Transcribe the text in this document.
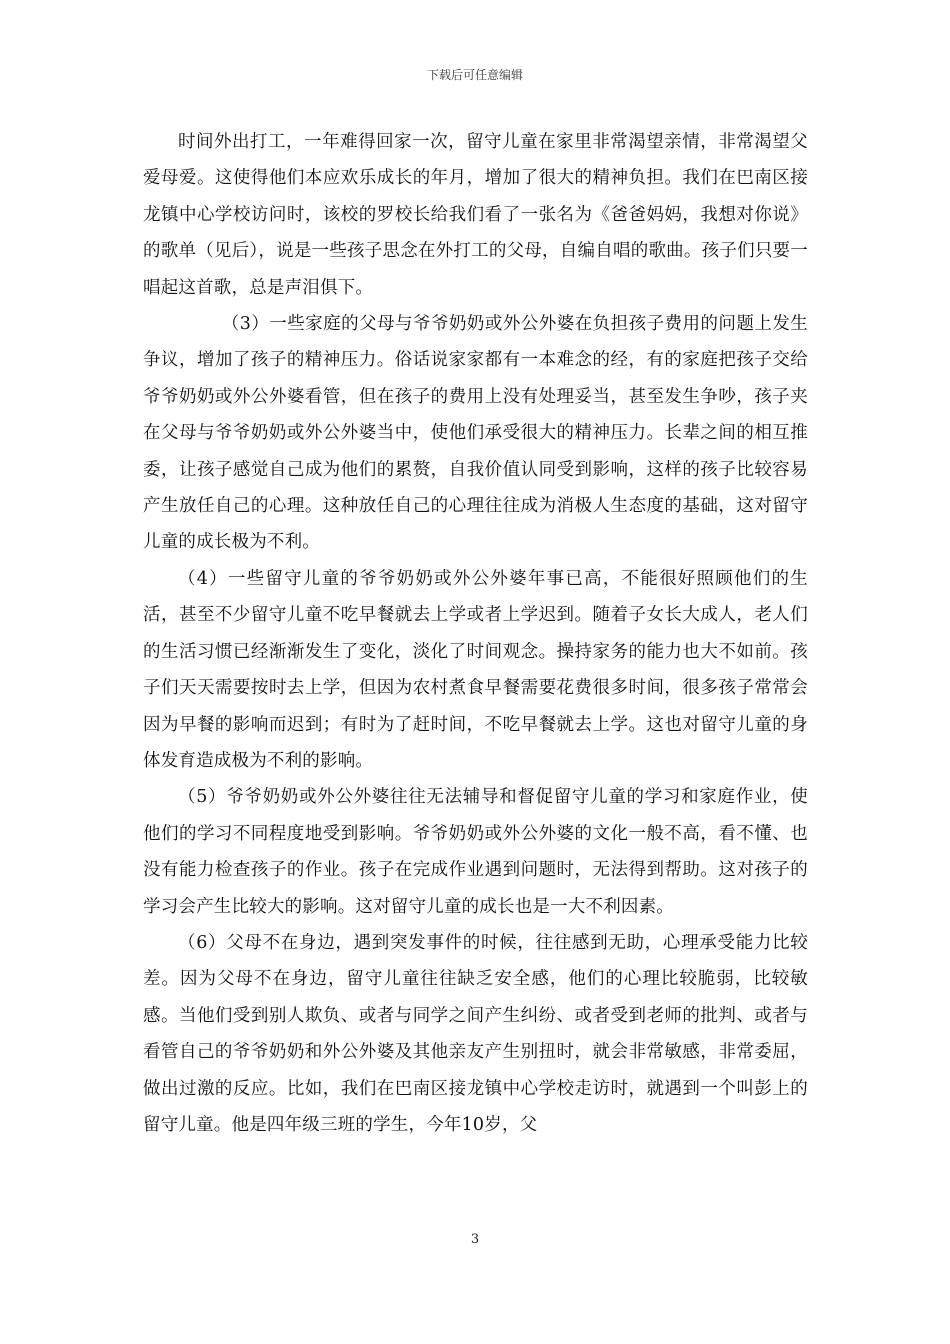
下载后可任意编辑

时间外出打工，一年难得回家一次，留守儿童在家里非常渴望亲情，非常渴望父爱母爱。这使得他们本应欢乐成长的年月，增加了很大的精神负担。我们在巴南区接龙镇中心学校访问时，该校的罗校长给我们看了一张名为《爸爸妈妈，我想对你说》的歌单（见后），说是一些孩子思念在外打工的父母，自编自唱的歌曲。孩子们只要一唱起这首歌，总是声泪俱下。

（3）一些家庭的父母与爷爷奶奶或外公外婆在负担孩子费用的问题上发生争议，增加了孩子的精神压力。俗话说家家都有一本难念的经，有的家庭把孩子交给爷爷奶奶或外公外婆看管，但在孩子的费用上没有处理妥当，甚至发生争吵，孩子夹在父母与爷爷奶奶或外公外婆当中，使他们承受很大的精神压力。长辈之间的相互推委，让孩子感觉自己成为他们的累赘，自我价值认同受到影响，这样的孩子比较容易产生放任自己的心理。这种放任自己的心理往往成为消极人生态度的基础，这对留守儿童的成长极为不利。

（4）一些留守儿童的爷爷奶奶或外公外婆年事已高，不能很好照顾他们的生活，甚至不少留守儿童不吃早餐就去上学或者上学迟到。随着子女长大成人，老人们的生活习惯已经渐渐发生了变化，淡化了时间观念。操持家务的能力也大不如前。孩子们天天需要按时去上学，但因为农村煮食早餐需要花费很多时间，很多孩子常常会因为早餐的影响而迟到；有时为了赶时间，不吃早餐就去上学。这也对留守儿童的身体发育造成极为不利的影响。

（5）爷爷奶奶或外公外婆往往无法辅导和督促留守儿童的学习和家庭作业，使他们的学习不同程度地受到影响。爷爷奶奶或外公外婆的文化一般不高，看不懂、也没有能力检查孩子的作业。孩子在完成作业遇到问题时，无法得到帮助。这对孩子的学习会产生比较大的影响。这对留守儿童的成长也是一大不利因素。

（6）父母不在身边，遇到突发事件的时候，往往感到无助，心理承受能力比较差。因为父母不在身边，留守儿童往往缺乏安全感，他们的心理比较脆弱，比较敏感。当他们受到别人欺负、或者与同学之间产生纠纷、或者受到老师的批判、或者与看管自己的爷爷奶奶和外公外婆及其他亲友产生别扭时，就会非常敏感，非常委屈，做出过激的反应。比如，我们在巴南区接龙镇中心学校走访时，就遇到一个叫彭上的留守儿童。他是四年级三班的学生，今年10岁，父

3
